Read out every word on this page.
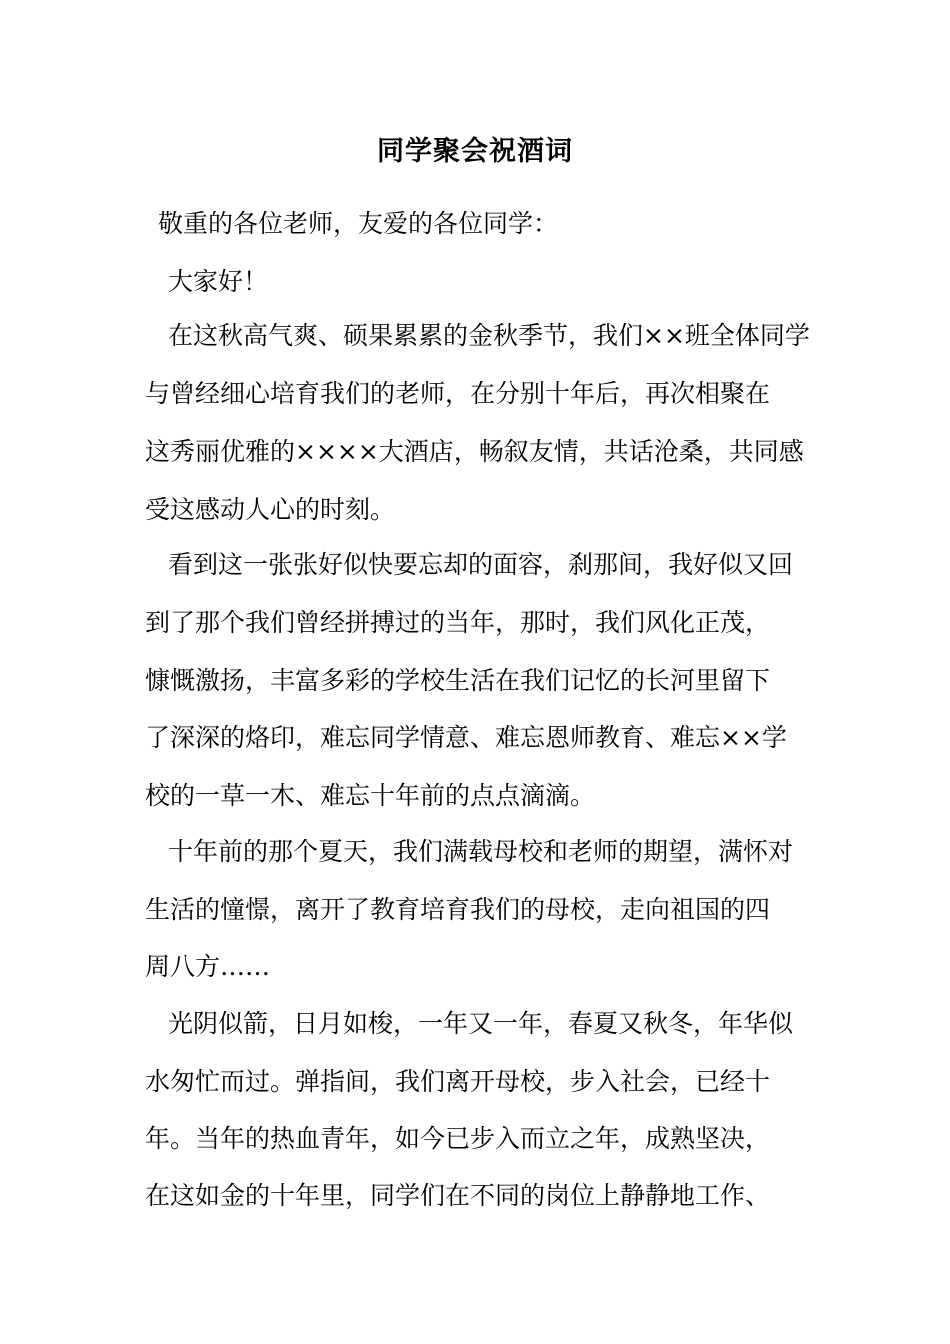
同学聚会祝酒词
敬重的各位老师，友爱的各位同学：
大家好！
在这秋高气爽、硕果累累的金秋季节，我们××班全体同学
与曾经细心培育我们的老师，在分别十年后，再次相聚在
这秀丽优雅的××××大酒店，畅叙友情，共话沧桑，共同感
受这感动人心的时刻。
看到这一张张好似快要忘却的面容，刹那间，我好似又回
到了那个我们曾经拼搏过的当年，那时，我们风化正茂，
慷慨激扬，丰富多彩的学校生活在我们记忆的长河里留下
了深深的烙印，难忘同学情意、难忘恩师教育、难忘××学
校的一草一木、难忘十年前的点点滴滴。
十年前的那个夏天，我们满载母校和老师的期望，满怀对
生活的憧憬，离开了教育培育我们的母校，走向祖国的四
周八方……
光阴似箭，日月如梭，一年又一年，春夏又秋冬，年华似
水匆忙而过。弹指间，我们离开母校，步入社会，已经十
年。当年的热血青年，如今已步入而立之年，成熟坚决，
在这如金的十年里，同学们在不同的岗位上静静地工作、
